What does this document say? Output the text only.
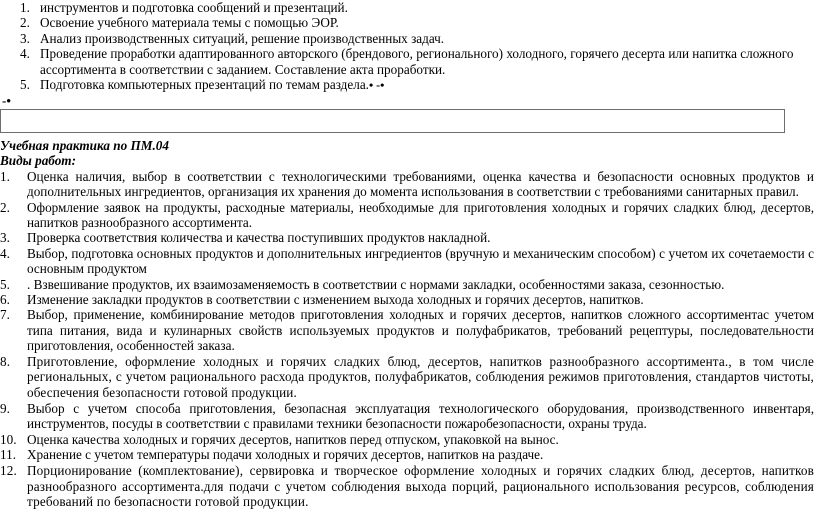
1. инструментов и подготовка сообщений и презентаций.

2. Освоение учебного материала темы с помощью ЭОР.

3. Анализ производственных ситуаций, решение производственных задач.

4. Проведение проработки адаптированного авторского (брендового, регионального) холодного, горячего десерта или напитка сложного ассортимента в соответствии с заданием. Составление акта проработки.

5. Подготовка компьютерных презентаций по темам раздела.• -•

-•

Учебная практика по ПМ.04

Виды работ:

1. Оценка наличия, выбор в соответствии с технологическими требованиями, оценка качества и безопасности основных продуктов и дополнительных ингредиентов, организация их хранения до момента использования в соответствии с требованиями санитарных правил.

2. Оформление заявок на продукты, расходные материалы, необходимые для приготовления холодных и горячих сладких блюд, десертов, напитков разнообразного ассортимента.

3. Проверка соответствия количества и качества поступивших продуктов накладной.

4. Выбор, подготовка основных продуктов и дополнительных ингредиентов (вручную и механическим способом) с учетом их сочетаемости с основным продуктом

5. . Взвешивание продуктов, их взаимозаменяемость в соответствии с нормами закладки, особенностями заказа, сезонностью.

6. Изменение закладки продуктов в соответствии с изменением выхода холодных и горячих десертов, напитков.

7. Выбор, применение, комбинирование методов приготовления холодных и горячих десертов, напитков сложного ассортиментас учетом типа питания, вида и кулинарных свойств используемых продуктов и полуфабрикатов, требований рецептуры, последовательности приготовления, особенностей заказа.

8. Приготовление, оформление холодных и горячих сладких блюд, десертов, напитков разнообразного ассортимента., в том числе региональных, с учетом рационального расхода продуктов, полуфабрикатов, соблюдения режимов приготовления, стандартов чистоты, обеспечения безопасности готовой продукции.

9. Выбор с учетом способа приготовления, безопасная эксплуатация технологического оборудования, производственного инвентаря, инструментов, посуды в соответствии с правилами техники безопасности пожаробезопасности, охраны труда.

10. Оценка качества холодных и горячих десертов, напитков перед отпуском, упаковкой на вынос.

11. Хранение с учетом температуры подачи холодных и горячих десертов, напитков на раздаче.

12. Порционирование (комплектование), сервировка и творческое оформление холодных и горячих сладких блюд, десертов, напитков разнообразного ассортимента.для подачи с учетом соблюдения выхода порций, рационального использования ресурсов, соблюдения требований по безопасности готовой продукции.
